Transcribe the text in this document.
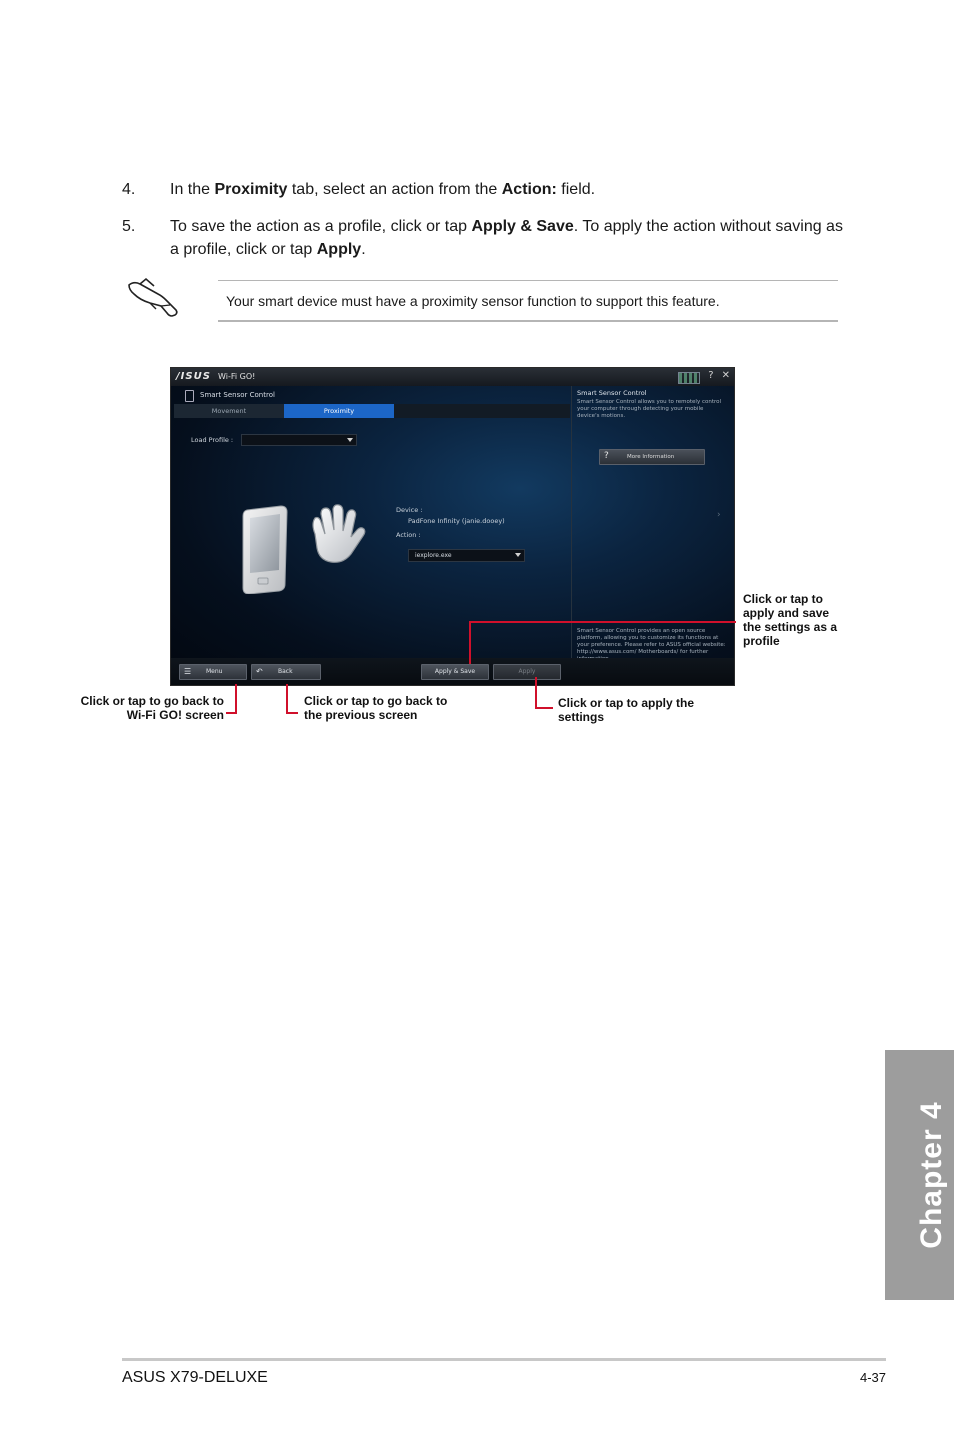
4.	In the Proximity tab, select an action from the Action: field.
5.	To save the action as a profile, click or tap Apply & Save. To apply the action without saving as a profile, click or tap Apply.
Your smart device must have a proximity sensor function to support this feature.
/ISUS Wi-Fi GO!	? ✕
Smart Sensor Control
Movement	Proximity
Load Profile :
Smart Sensor Control
Smart Sensor Control allows you to remotely control your computer through detecting your mobile device's motions.
?	More Information
Smart Sensor Control provides an open source platform, allowing you to customize its functions at your preference. Please refer to ASUS official website: http://www.asus.com/ Motherboards/ for further
Device :
PadFone Infinity (janie.dooey)
Action :
iexplore.exe
›
☰	Menu	↶	Back	Apply & Save	Apply
Click or tap to apply and save the settings as a profile
Click or tap to go back to Wi-Fi GO! screen
Click or tap to go back to the previous screen
Click or tap to apply the settings
Chapter 4
ASUS X79-DELUXE	4-37
